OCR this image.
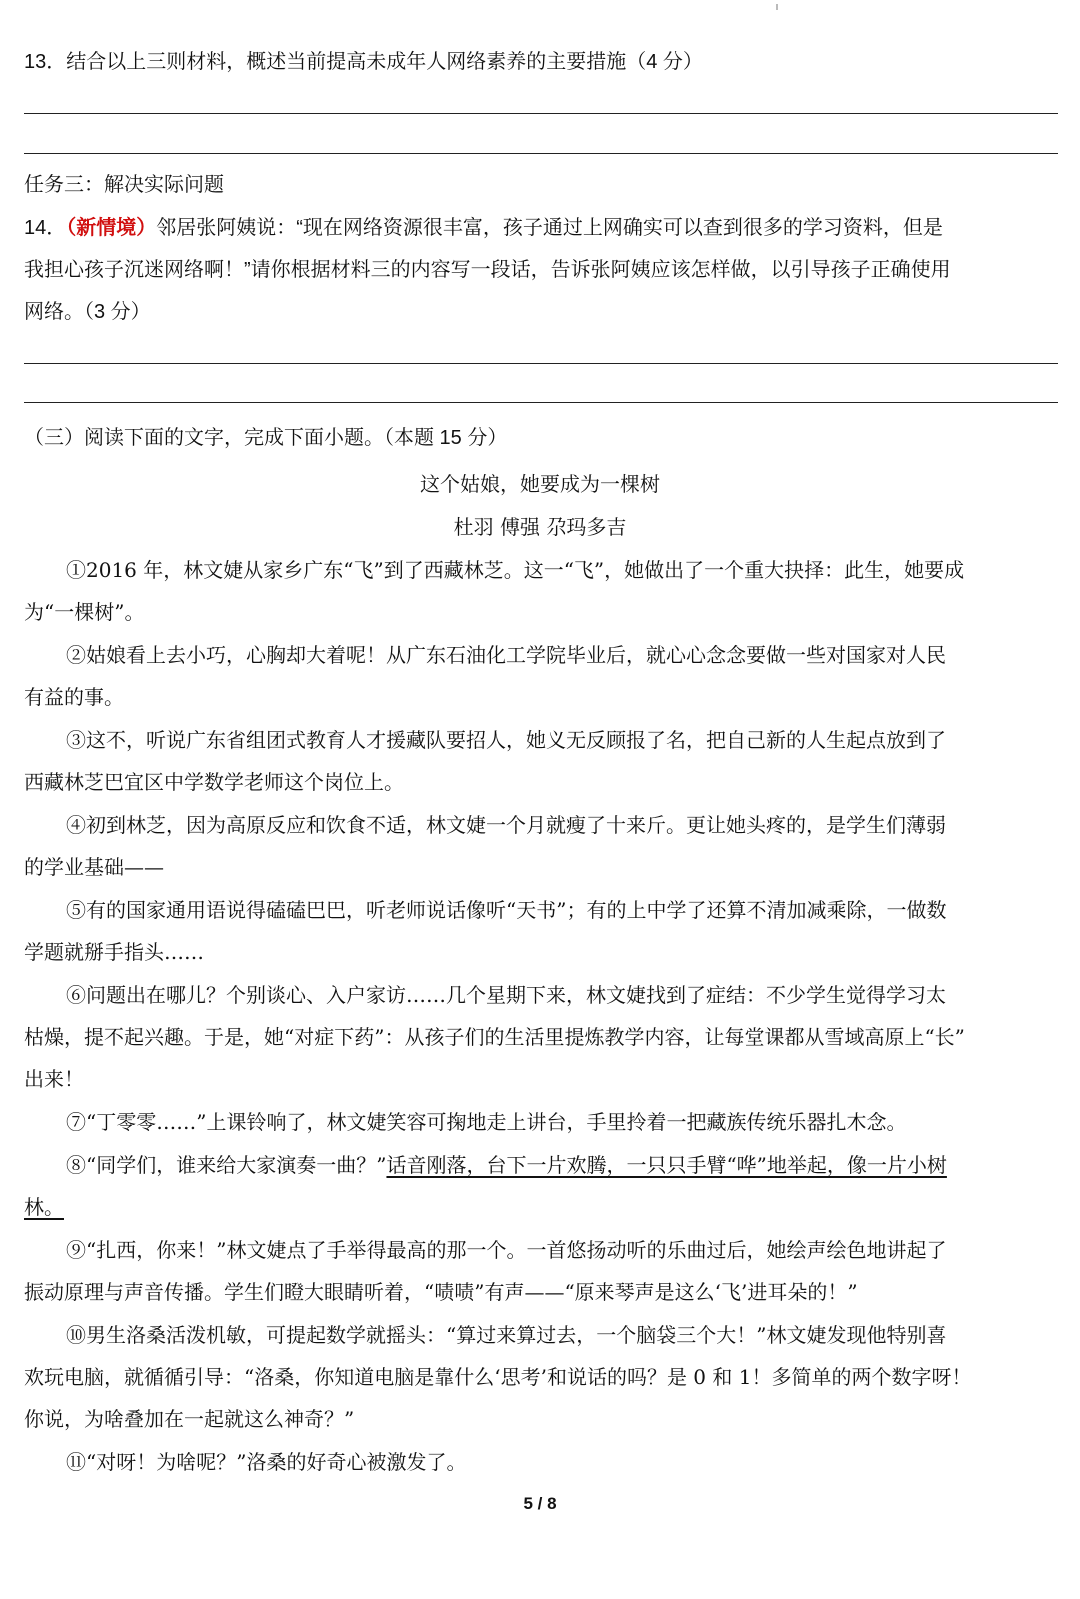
13．结合以上三则材料，概述当前提高未成年人网络素养的主要措施（4 分）
任务三：解决实际问题
14．（新情境）邻居张阿姨说：“现在网络资源很丰富，孩子通过上网确实可以查到很多的学习资料，但是
我担心孩子沉迷网络啊！”请你根据材料三的内容写一段话，告诉张阿姨应该怎样做，以引导孩子正确使用
网络。（3 分）
（三）阅读下面的文字，完成下面小题。（本题 15 分）
这个姑娘，她要成为一棵树
杜羽 傅强 尕玛多吉
①2016 年，林文婕从家乡广东“飞”到了西藏林芝。这一“飞”，她做出了一个重大抉择：此生，她要成
为“一棵树”。
②姑娘看上去小巧，心胸却大着呢！从广东石油化工学院毕业后，就心心念念要做一些对国家对人民
有益的事。
③这不，听说广东省组团式教育人才援藏队要招人，她义无反顾报了名，把自己新的人生起点放到了
西藏林芝巴宜区中学数学老师这个岗位上。
④初到林芝，因为高原反应和饮食不适，林文婕一个月就瘦了十来斤。更让她头疼的，是学生们薄弱
的学业基础——
⑤有的国家通用语说得磕磕巴巴，听老师说话像听“天书”；有的上中学了还算不清加减乘除，一做数
学题就掰手指头……
⑥问题出在哪儿？个别谈心、入户家访……几个星期下来，林文婕找到了症结：不少学生觉得学习太
枯燥，提不起兴趣。于是，她“对症下药”：从孩子们的生活里提炼教学内容，让每堂课都从雪域高原上“长”
出来！
⑦“丁零零……”上课铃响了，林文婕笑容可掬地走上讲台，手里拎着一把藏族传统乐器扎木念。
⑧“同学们，谁来给大家演奏一曲？”话音刚落，台下一片欢腾，一只只手臂“哗”地举起，像一片小树
林。
⑨“扎西，你来！”林文婕点了手举得最高的那一个。一首悠扬动听的乐曲过后，她绘声绘色地讲起了
振动原理与声音传播。学生们瞪大眼睛听着，“啧啧”有声——“原来琴声是这么‘飞’进耳朵的！”
⑩男生洛桑活泼机敏，可提起数学就摇头：“算过来算过去，一个脑袋三个大！”林文婕发现他特别喜
欢玩电脑，就循循引导：“洛桑，你知道电脑是靠什么‘思考’和说话的吗？是 0 和 1！多简单的两个数字呀！
你说，为啥叠加在一起就这么神奇？”
⑪“对呀！为啥呢？”洛桑的好奇心被激发了。
5 / 8
